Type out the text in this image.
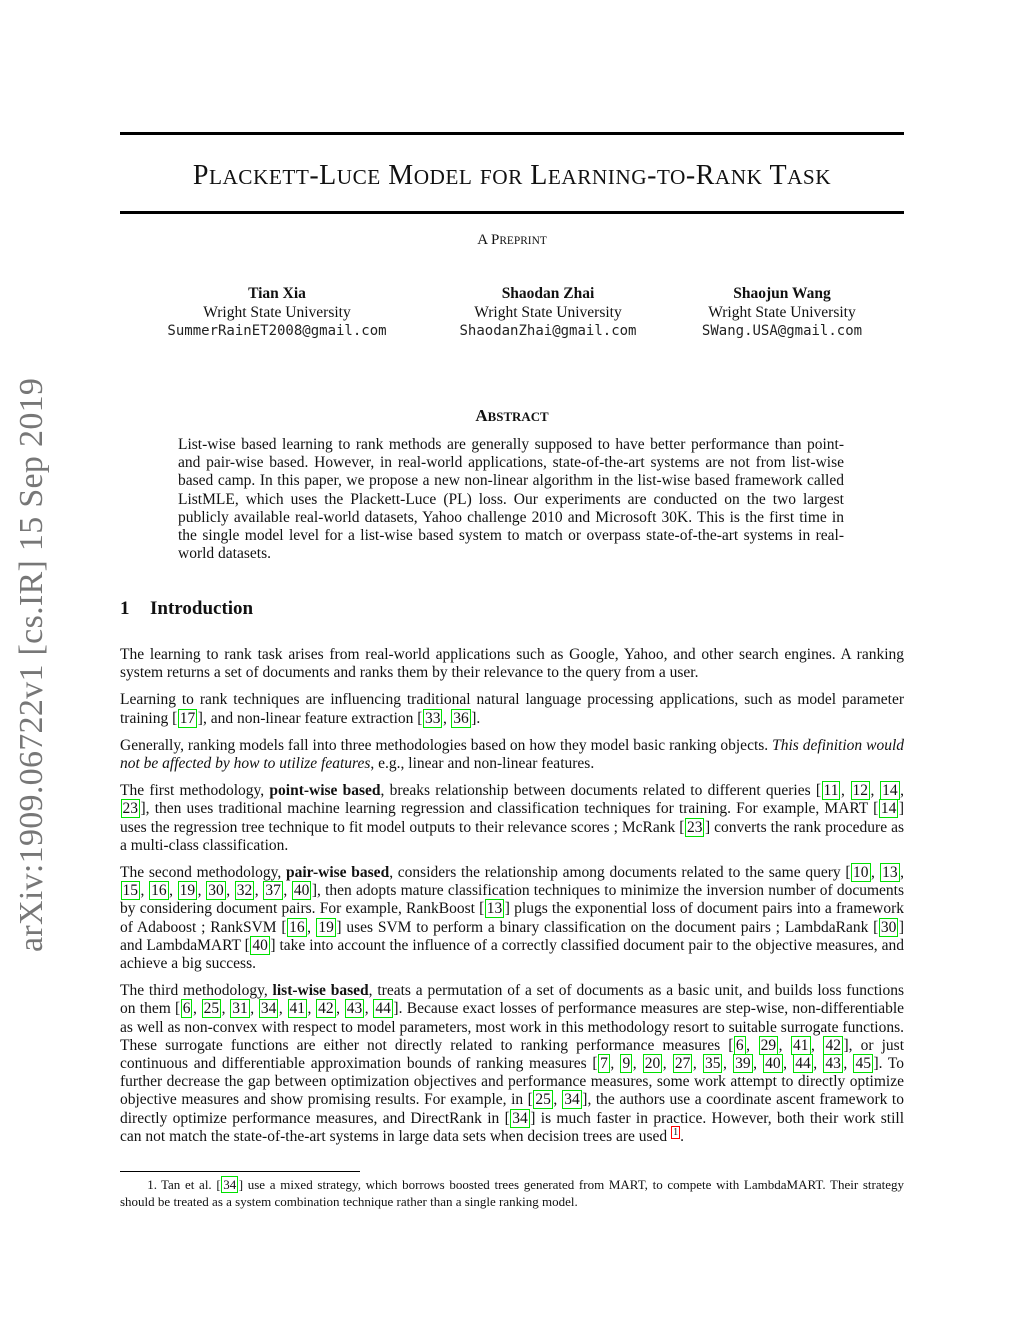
PLACKETT-LUCE MODEL FOR LEARNING-TO-RANK TASK
A PREPRINT
Tian Xia
Wright State University
SummerRainET2008@gmail.com
Shaodan Zhai
Wright State University
ShaodanZhai@gmail.com
Shaojun Wang
Wright State University
SWang.USA@gmail.com
arXiv:1909.06722v1 [cs.IR] 15 Sep 2019	ABSTRACT
List-wise based learning to rank methods are generally supposed to have better performance than point- and pair-wise based. However, in real-world applications, state-of-the-art systems are not from list-wise based camp. In this paper, we propose a new non-linear algorithm in the list-wise based framework called ListMLE, which uses the Plackett-Luce (PL) loss. Our experiments are conducted on the two largest publicly available real-world datasets, Yahoo challenge 2010 and Microsoft 30K. This is the first time in the single model level for a list-wise based system to match or overpass state-of-the-art systems in real-world datasets.
1 Introduction

The learning to rank task arises from real-world applications such as Google, Yahoo, and other search engines. A ranking system returns a set of documents and ranks them by their relevance to the query from a user.

Learning to rank techniques are influencing traditional natural language processing applications, such as model parameter training [ 17 ], and non-linear feature extraction [ 33 , 36 ].

Generally, ranking models fall into three methodologies based on how they model basic ranking objects. This definition would not be affected by how to utilize features, e.g., linear and non-linear features.

The first methodology, point-wise based, breaks relationship between documents related to different queries [ 11 , 12 , 14 , 23 ], then uses traditional machine learning regression and classification techniques for training. For example, MART [ 14 ] uses the regression tree technique to fit model outputs to their relevance scores ; McRank [ 23 ] converts the rank procedure as a multi-class classification.

The second methodology, pair-wise based, considers the relationship among documents related to the same query [ 10 , 13 , 15 , 16 , 19 , 30 , 32 , 37 , 40 ], then adopts mature classification techniques to minimize the inversion number of documents by considering document pairs. For example, RankBoost [ 13 ] plugs the exponential loss of document pairs into a framework of Adaboost ; RankSVM [ 16 , 19 ] uses SVM to perform a binary classification on the document pairs ; LambdaRank [ 30 ] and LambdaMART [ 40 ] take into account the influence of a correctly classified document pair to the objective measures, and achieve a big success.

The third methodology, list-wise based, treats a permutation of a set of documents as a basic unit, and builds loss functions on them [ 6 , 25 , 31 , 34 , 41 , 42 , 43 , 44 ]. Because exact losses of performance measures are step-wise, non-differentiable as well as non-convex with respect to model parameters, most work in this methodology resort to suitable surrogate functions. These surrogate functions are either not directly related to ranking performance measures [ 6 , 29 , 41 , 42 ], or just continuous and differentiable approximation bounds of ranking measures [ 7 , 9 , 20 , 27 , 35 , 39 , 40 , 44 , 43 , 45 ]. To further decrease the gap between optimization objectives and performance measures, some work attempt to directly optimize objective measures and show promising results. For example, in [ 25 , 34 ], the authors use a coordinate ascent framework to directly optimize performance measures, and DirectRank in [ 34 ] is much faster in practice. However, both their work still can not match the state-of-the-art systems in large data sets when decision trees are used $^1$ .

1. Tan et al. [ 34 ] use a mixed strategy, which borrows boosted trees generated from MART, to compete with LambdaMART. Their strategy should be treated as a system combination technique rather than a single ranking model.
